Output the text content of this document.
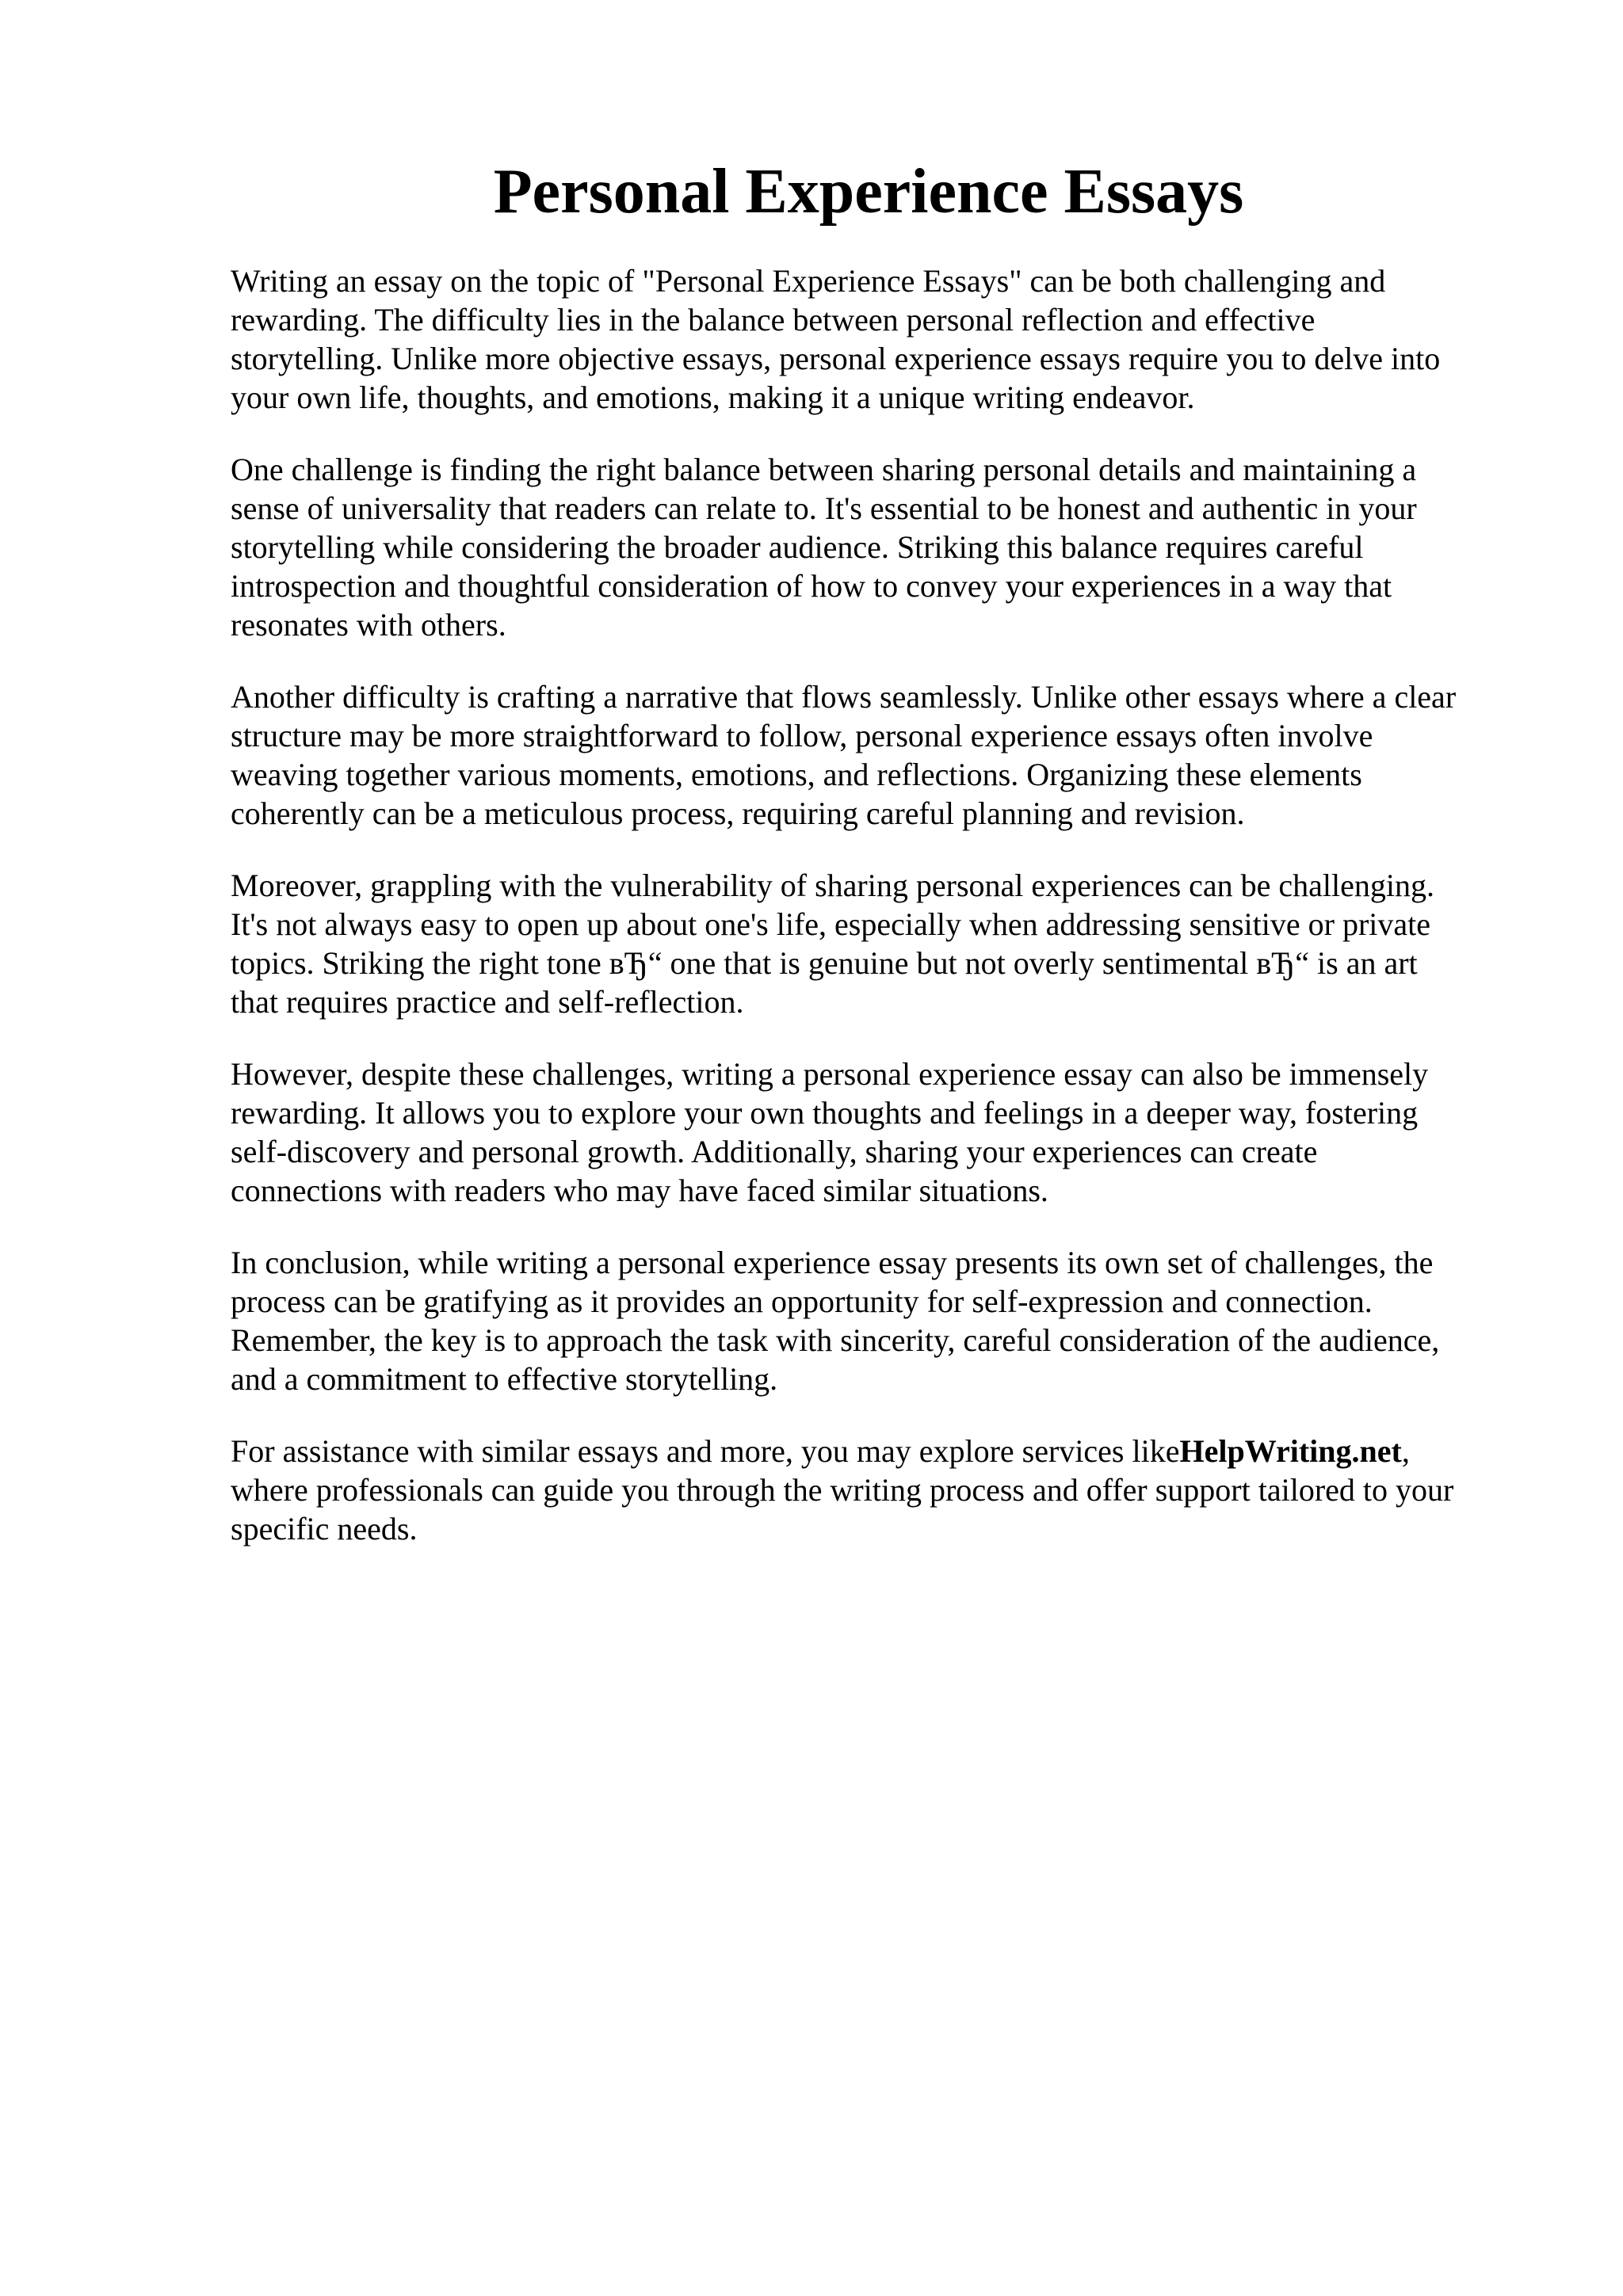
Personal Experience Essays

Writing an essay on the topic of "Personal Experience Essays" can be both challenging and
rewarding. The difficulty lies in the balance between personal reflection and effective
storytelling. Unlike more objective essays, personal experience essays require you to delve into
your own life, thoughts, and emotions, making it a unique writing endeavor.

One challenge is finding the right balance between sharing personal details and maintaining a
sense of universality that readers can relate to. It's essential to be honest and authentic in your
storytelling while considering the broader audience. Striking this balance requires careful
introspection and thoughtful consideration of how to convey your experiences in a way that
resonates with others.

Another difficulty is crafting a narrative that flows seamlessly. Unlike other essays where a clear
structure may be more straightforward to follow, personal experience essays often involve
weaving together various moments, emotions, and reflections. Organizing these elements
coherently can be a meticulous process, requiring careful planning and revision.

Moreover, grappling with the vulnerability of sharing personal experiences can be challenging.
It's not always easy to open up about one's life, especially when addressing sensitive or private
topics. Striking the right tone вЂ“ one that is genuine but not overly sentimental вЂ“ is an art
that requires practice and self-reflection.

However, despite these challenges, writing a personal experience essay can also be immensely
rewarding. It allows you to explore your own thoughts and feelings in a deeper way, fostering
self-discovery and personal growth. Additionally, sharing your experiences can create
connections with readers who may have faced similar situations.

In conclusion, while writing a personal experience essay presents its own set of challenges, the
process can be gratifying as it provides an opportunity for self-expression and connection.
Remember, the key is to approach the task with sincerity, careful consideration of the audience,
and a commitment to effective storytelling.

For assistance with similar essays and more, you may explore services likeHelpWriting.net,
where professionals can guide you through the writing process and offer support tailored to your
specific needs.
